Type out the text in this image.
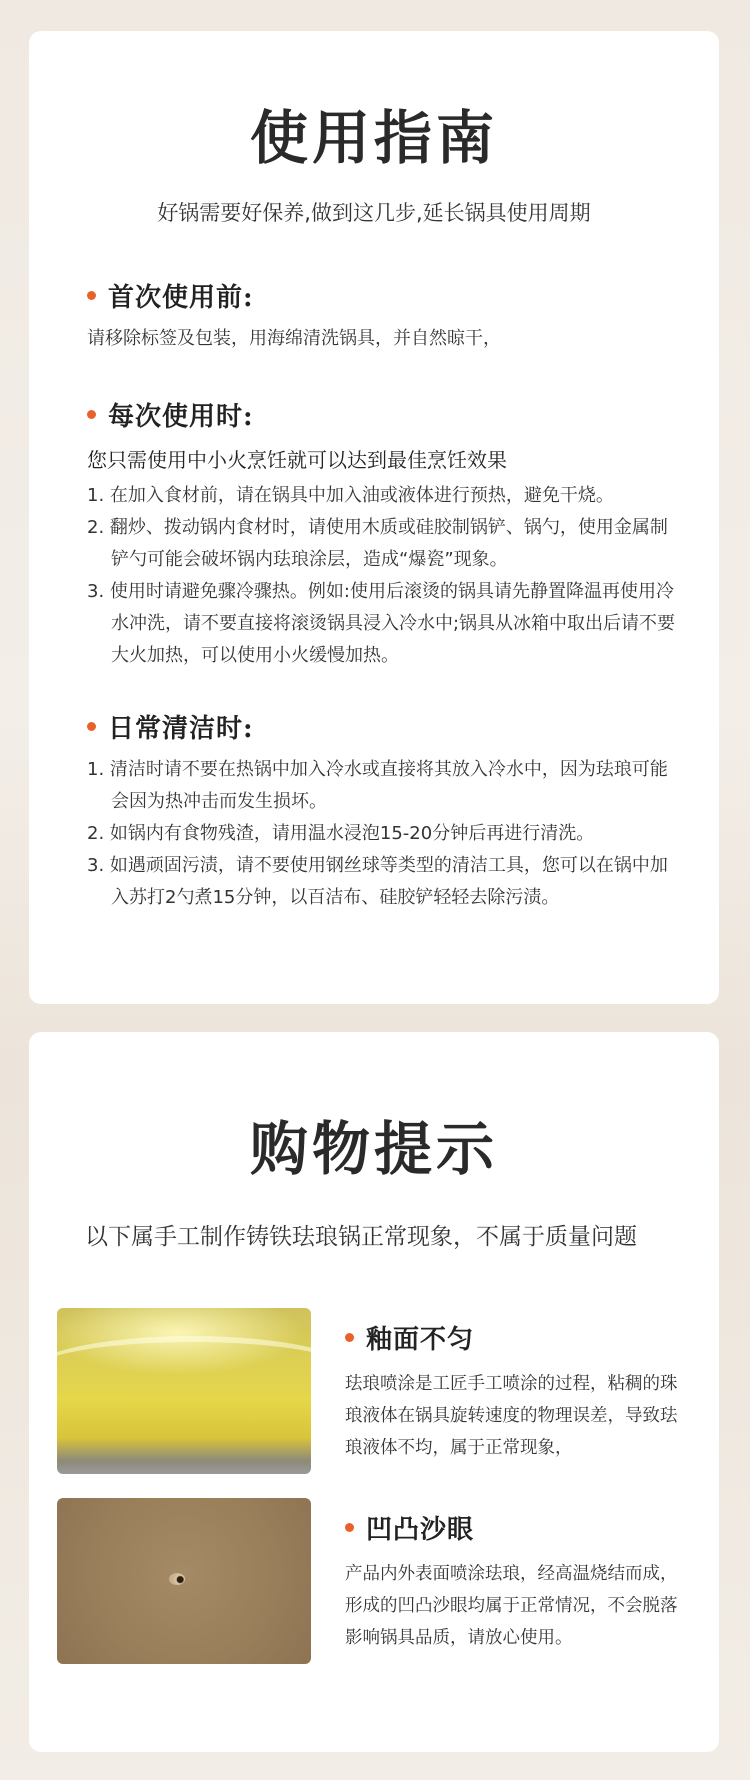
使用指南
好锅需要好保养,做到这几步,延长锅具使用周期
首次使用前:
请移除标签及包装，用海绵清洗锅具，并自然晾干，
每次使用时:
您只需使用中小火烹饪就可以达到最佳烹饪效果
1. 在加入食材前，请在锅具中加入油或液体进行预热，避免干烧。
2. 翻炒、拨动锅内食材时，请使用木质或硅胶制锅铲、锅勺，使用金属制铲勺可能会破坏锅内珐琅涂层，造成“爆瓷”现象。
3. 使用时请避免骤冷骤热。例如:使用后滚烫的锅具请先静置降温再使用冷水冲洗，请不要直接将滚烫锅具浸入冷水中;锅具从冰箱中取出后请不要大火加热，可以使用小火缓慢加热。
日常清洁时:
1. 清洁时请不要在热锅中加入冷水或直接将其放入冷水中，因为珐琅可能会因为热冲击而发生损坏。
2. 如锅内有食物残渣，请用温水浸泡15-20分钟后再进行清洗。
3. 如遇顽固污渍，请不要使用钢丝球等类型的清洁工具，您可以在锅中加入苏打2勺煮15分钟，以百洁布、硅胶铲轻轻去除污渍。
购物提示
以下属手工制作铸铁珐琅锅正常现象，不属于质量问题
釉面不匀
珐琅喷涂是工匠手工喷涂的过程，粘稠的珠琅液体在锅具旋转速度的物理误差，导致珐琅液体不均，属于正常现象，
凹凸沙眼
产品内外表面喷涂珐琅，经高温烧结而成，形成的凹凸沙眼均属于正常情况，不会脱落影响锅具品质，请放心使用。
